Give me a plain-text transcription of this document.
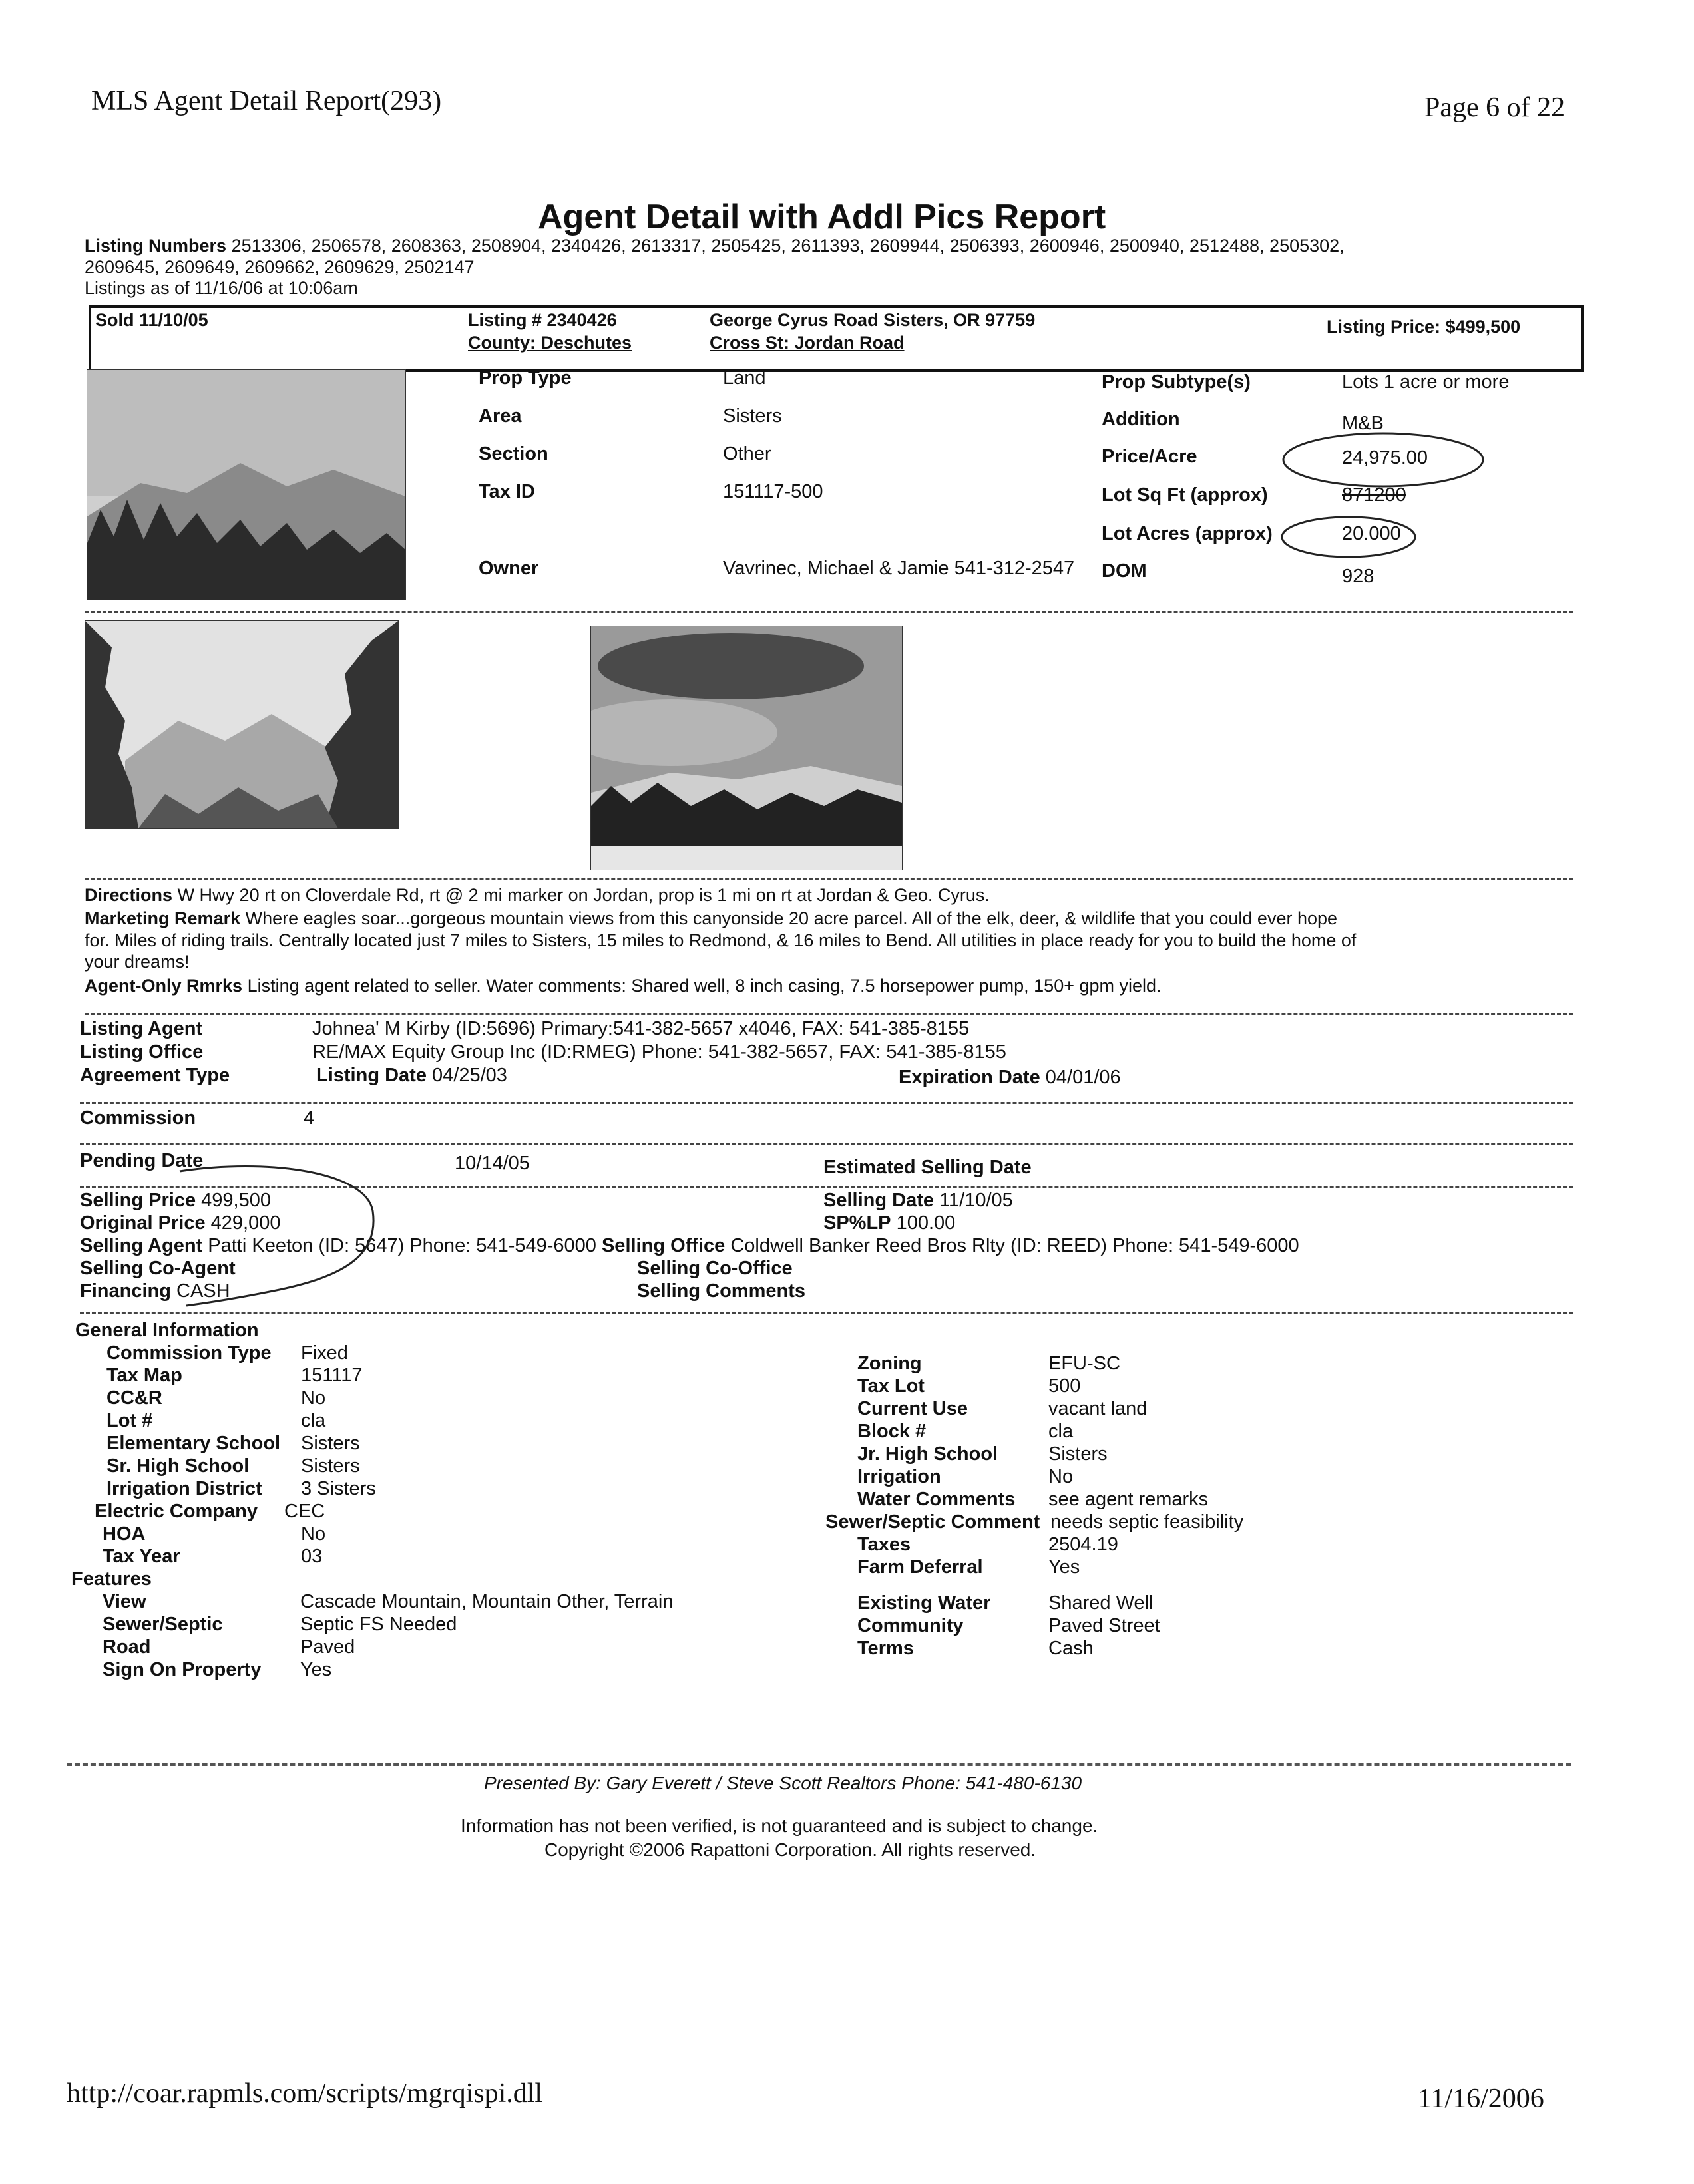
MLS Agent Detail Report(293)	Page 6 of 22
Agent Detail with Addl Pics Report
Listing Numbers 2513306, 2506578, 2608363, 2508904, 2340426, 2613317, 2505425, 2611393, 2609944, 2506393, 2600946, 2500940, 2512488, 2505302,
2609645, 2609649, 2609662, 2609629, 2502147
Listings as of 11/16/06 at 10:06am
Sold 11/10/05	Listing # 2340426
County: Deschutes
George Cyrus Road Sisters, OR 97759
Cross St: Jordan Road
Listing Price: $499,500
Prop Type	Land
Area	Sisters
Section	Other
Tax ID	151117-500
Owner	Vavrinec, Michael & Jamie 541-312-2547
Prop Subtype(s)	Lots 1 acre or more
Addition	M&B
Price/Acre	24,975.00
Lot Sq Ft (approx)	871200
Lot Acres (approx)	20.000
DOM	928
Directions W Hwy 20 rt on Cloverdale Rd, rt @ 2 mi marker on Jordan, prop is 1 mi on rt at Jordan & Geo. Cyrus.
Marketing Remark Where eagles soar...gorgeous mountain views from this canyonside 20 acre parcel. All of the elk, deer, & wildlife that you could ever hope
for. Miles of riding trails. Centrally located just 7 miles to Sisters, 15 miles to Redmond, & 16 miles to Bend. All utilities in place ready for you to build the home of
your dreams!
Agent-Only Rmrks Listing agent related to seller. Water comments: Shared well, 8 inch casing, 7.5 horsepower pump, 150+ gpm yield.
Listing Agent	Johnea' M Kirby (ID:5696) Primary:541-382-5657 x4046, FAX: 541-385-8155
Listing Office	RE/MAX Equity Group Inc (ID:RMEG) Phone: 541-382-5657, FAX: 541-385-8155
Agreement Type	Listing Date 04/25/03	Expiration Date 04/01/06
Commission	4
Pending Date	10/14/05	Estimated Selling Date
Selling Price 499,500	Selling Date 11/10/05
Original Price 429,000	SP%LP 100.00
Selling Agent Patti Keeton (ID: 5647) Phone: 541-549-6000 Selling Office Coldwell Banker Reed Bros Rlty (ID: REED) Phone: 541-549-6000
Selling Co-Agent	Selling Co-Office
Financing CASH	Selling Comments
General Information
Commission Type Fixed
Tax Map	151117
CC&R	No
Lot #	cla
Elementary School Sisters
Sr. High School	Sisters
Irrigation District 3 Sisters
Electric Company CEC
HOA	No
Tax Year	03
Zoning	EFU-SC
Tax Lot	500
Current Use	vacant land
Block #	cla
Jr. High School	Sisters
Irrigation	No
Water Comments see agent remarks
Sewer/Septic Comment needs septic feasibility
Taxes	2504.19
Farm Deferral	Yes
Features
View	Cascade Mountain, Mountain Other, Terrain
Sewer/Septic	Septic FS Needed
Road	Paved
Sign On Property Yes
Existing Water	Shared Well
Community	Paved Street
Terms	Cash
Presented By: Gary Everett / Steve Scott Realtors Phone: 541-480-6130
Information has not been verified, is not guaranteed and is subject to change.
Copyright ©2006 Rapattoni Corporation. All rights reserved.
http://coar.rapmls.com/scripts/mgrqispi.dll	11/16/2006
